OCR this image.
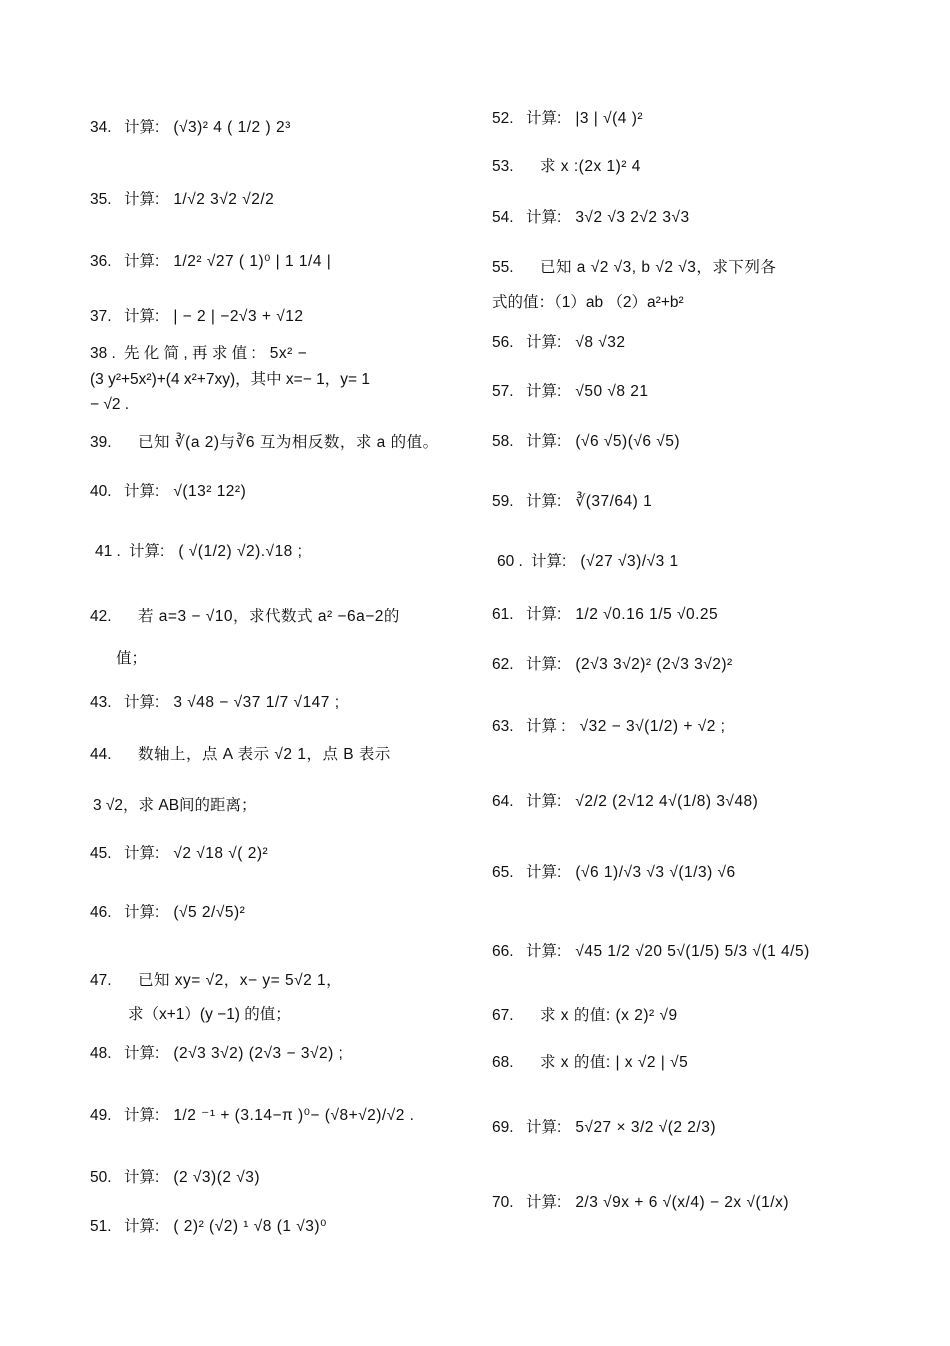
34. 计算: (√3)² 4 ( 1/2 ) 2³
35. 计算: 1/√2 3√2 √2/2
36. 计算: 1/2² √27 ( 1)⁰ | 1 1/4 |
37. 计算: | − 2 | −2√3 + √12
38 . 先 化 简 , 再 求 值 : 5x² −
(3 y²+5x²)+(4 x²+7xy)，其中 x=− 1，y= 1
− √2 .
39. 已知 ∛(a 2)与∛6 互为相反数，求 a 的值。
40. 计算: √(13² 12²)
41 . 计算: ( √(1/2) √2).√18 ;
42. 若 a=3 − √10，求代数式 a² −6a−2的
值；
43. 计算: 3 √48 − √37 1/7 √147 ;
44. 数轴上，点 A 表示 √2 1，点 B 表示
3 √2，求 AB间的距离；
45. 计算: √2 √18 √( 2)²
46. 计算: (√5 2/√5)²
47. 已知 xy= √2，x− y= 5√2 1，
求（x+1）(y −1) 的值；
48. 计算: (2√3 3√2) (2√3 − 3√2) ;
49. 计算: 1/2 ⁻¹ + (3.14−π )⁰− (√8+√2)/√2 .
50. 计算: (2 √3)(2 √3)
51. 计算: ( 2)² (√2) ¹ √8 (1 √3)⁰
52. 计算: |3 | √(4 )²
53. 求 x :(2x 1)² 4
54. 计算: 3√2 √3 2√2 3√3
55. 已知 a √2 √3, b √2 √3，求下列各
式的值：（1）ab （2）a²+b²
56. 计算: √8 √32
57. 计算: √50 √8 21
58. 计算: (√6 √5)(√6 √5)
59. 计算: ∛(37/64) 1
60 . 计算: (√27 √3)/√3 1
61. 计算: 1/2 √0.16 1/5 √0.25
62. 计算: (2√3 3√2)² (2√3 3√2)²
63. 计算 : √32 − 3√(1/2) + √2 ;
64. 计算: √2/2 (2√12 4√(1/8) 3√48)
65. 计算: (√6 1)/√3 √3 √(1/3) √6
66. 计算: √45 1/2 √20 5√(1/5) 5/3 √(1 4/5)
67. 求 x 的值: (x 2)² √9
68. 求 x 的值: | x √2 | √5
69. 计算: 5√27 × 3/2 √(2 2/3)
70. 计算: 2/3 √9x + 6 √(x/4) − 2x √(1/x)
